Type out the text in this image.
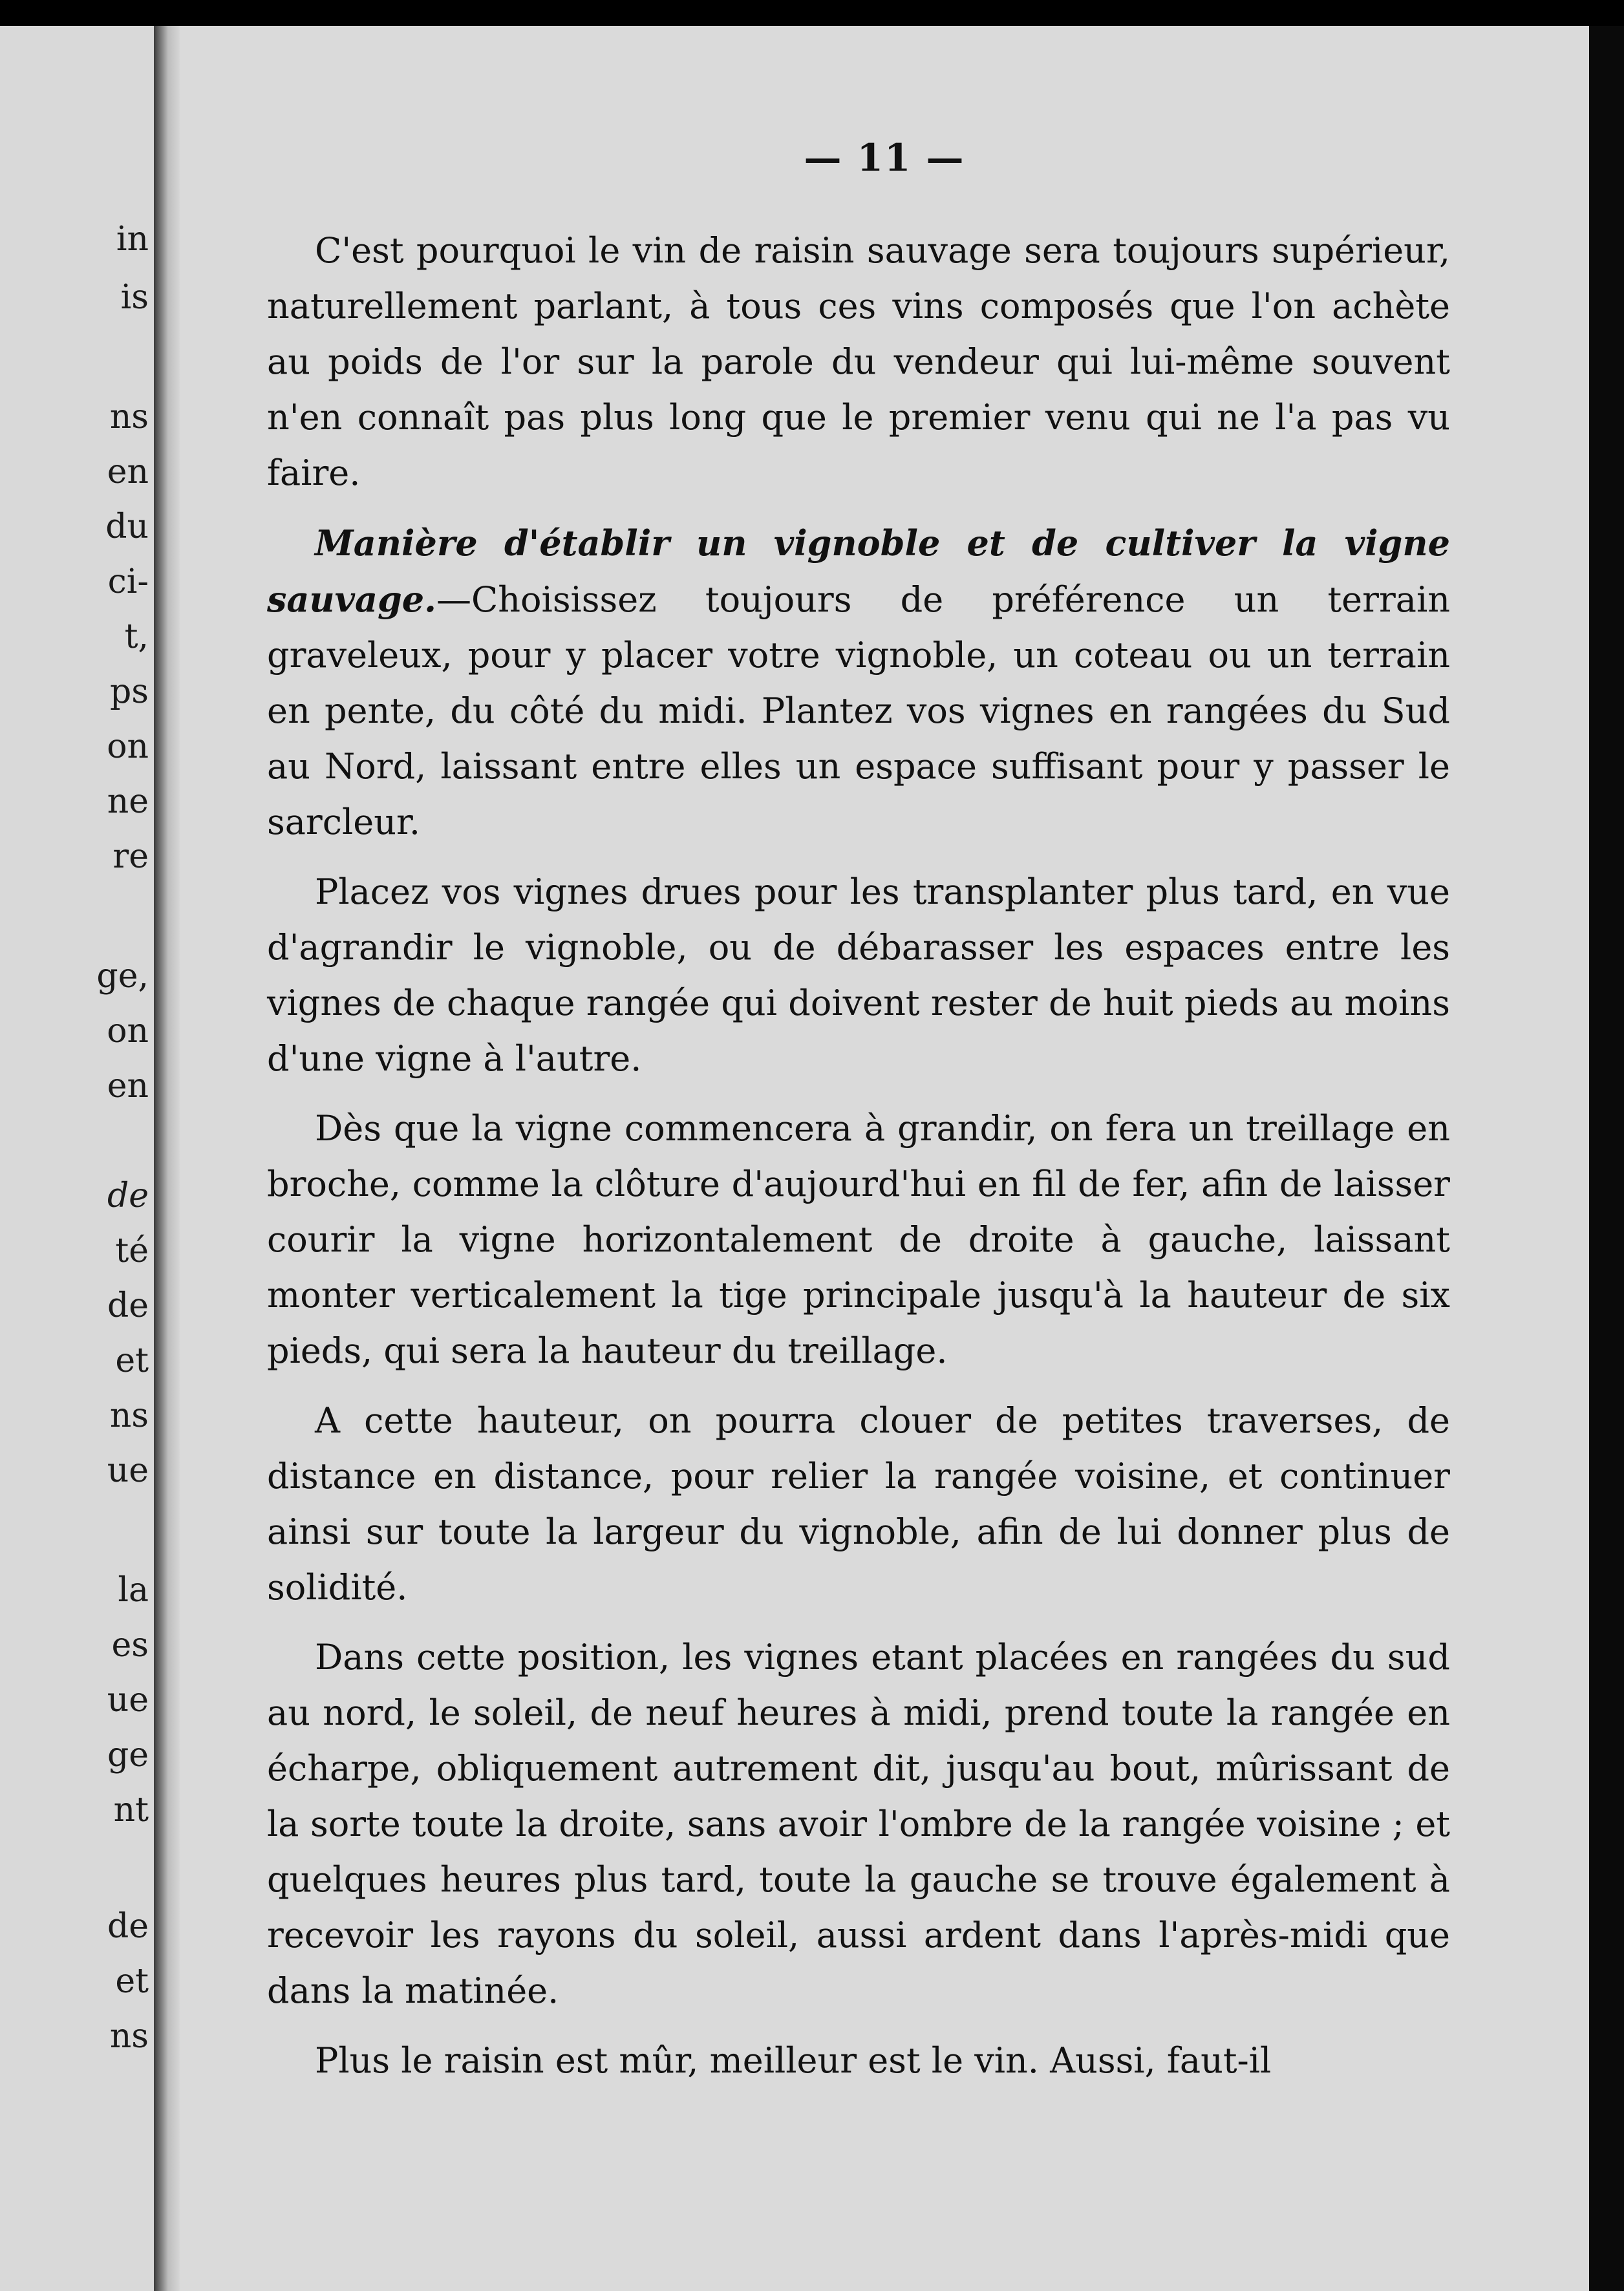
in
is
ns
en
du
ci-
t,
ps
on
ne
re
ge,
on
en
de
té
de
et
ns
ue
la
es
ue
ge
nt
de
et
ns
— 11 —

C'est pourquoi le vin de raisin sauvage sera toujours supérieur, naturellement parlant, à tous ces vins composés que l'on achète au poids de l'or sur la parole du vendeur qui lui-même souvent n'en connaît pas plus long que le premier venu qui ne l'a pas vu faire.

Manière d'établir un vignoble et de cultiver la vigne sauvage.—Choisissez toujours de préférence un terrain graveleux, pour y placer votre vignoble, un coteau ou un terrain en pente, du côté du midi. Plantez vos vignes en rangées du Sud au Nord, laissant entre elles un espace suffisant pour y passer le sarcleur.

Placez vos vignes drues pour les transplanter plus tard, en vue d'agrandir le vignoble, ou de débarasser les espaces entre les vignes de chaque rangée qui doivent rester de huit pieds au moins d'une vigne à l'autre.

Dès que la vigne commencera à grandir, on fera un treillage en broche, comme la clôture d'aujourd'hui en fil de fer, afin de laisser courir la vigne horizontalement de droite à gauche, laissant monter verticalement la tige principale jusqu'à la hauteur de six pieds, qui sera la hauteur du treillage.

A cette hauteur, on pourra clouer de petites traverses, de distance en distance, pour relier la rangée voisine, et continuer ainsi sur toute la largeur du vignoble, afin de lui donner plus de solidité.

Dans cette position, les vignes etant placées en rangées du sud au nord, le soleil, de neuf heures à midi, prend toute la rangée en écharpe, obliquement autrement dit, jusqu'au bout, mûrissant de la sorte toute la droite, sans avoir l'ombre de la rangée voisine ; et quelques heures plus tard, toute la gauche se trouve également à recevoir les rayons du soleil, aussi ardent dans l'après-midi que dans la matinée.

Plus le raisin est mûr, meilleur est le vin. Aussi, faut-il
